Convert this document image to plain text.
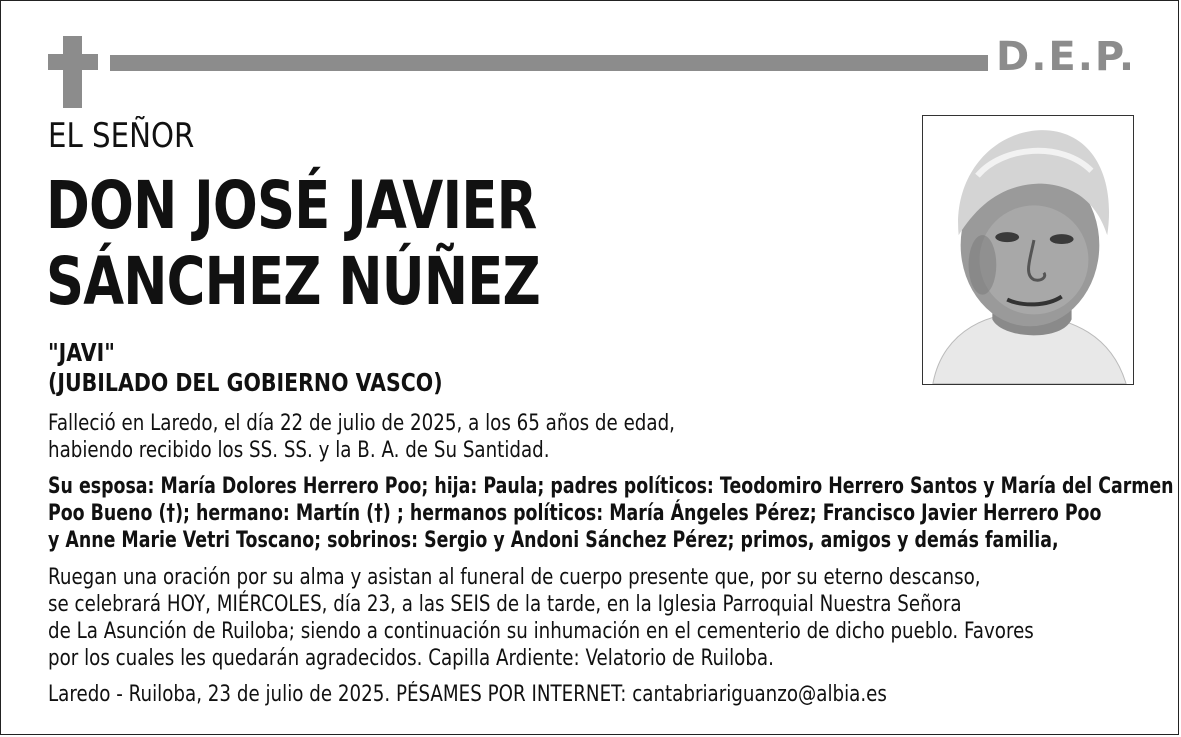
D.E.P.
EL SEÑOR
DON JOSÉ JAVIER
SÁNCHEZ NÚÑEZ
"JAVI"
(JUBILADO DEL GOBIERNO VASCO)
Falleció en Laredo, el día 22 de julio de 2025, a los 65 años de edad,
habiendo recibido los SS. SS. y la B. A. de Su Santidad.
Su esposa: María Dolores Herrero Poo; hija: Paula; padres políticos: Teodomiro Herrero Santos y María del Carmen
Poo Bueno (†); hermano: Martín (†) ; hermanos políticos: María Ángeles Pérez; Francisco Javier Herrero Poo
y Anne Marie Vetri Toscano; sobrinos: Sergio y Andoni Sánchez Pérez; primos, amigos y demás familia,
Ruegan una oración por su alma y asistan al funeral de cuerpo presente que, por su eterno descanso,
se celebrará HOY, MIÉRCOLES, día 23, a las SEIS de la tarde, en la Iglesia Parroquial Nuestra Señora
de La Asunción de Ruiloba; siendo a continuación su inhumación en el cementerio de dicho pueblo. Favores
por los cuales les quedarán agradecidos. Capilla Ardiente: Velatorio de Ruiloba.
Laredo - Ruiloba, 23 de julio de 2025. PÉSAMES POR INTERNET: cantabriariguanzo@albia.es
